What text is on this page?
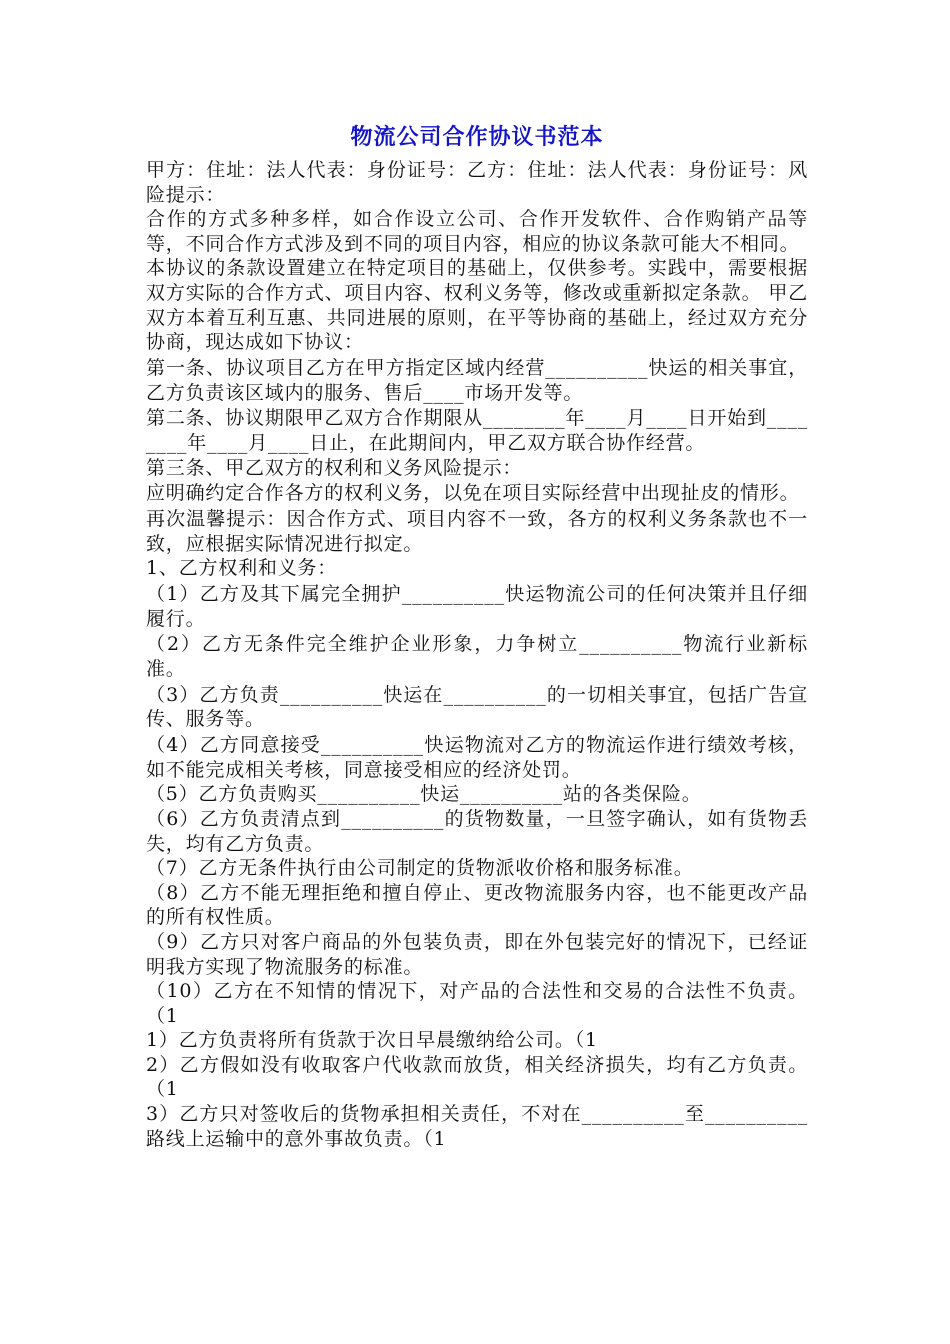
物流公司合作协议书范本

甲方：住址：法人代表：身份证号：乙方：住址：法人代表：身份证号：风险提示：

合作的方式多种多样，如合作设立公司、合作开发软件、合作购销产品等等，不同合作方式涉及到不同的项目内容，相应的协议条款可能大不相同。

本协议的条款设置建立在特定项目的基础上，仅供参考。实践中，需要根据双方实际的合作方式、项目内容、权利义务等，修改或重新拟定条款。 甲乙双方本着互利互惠、共同进展的原则，在平等协商的基础上，经过双方充分协商，现达成如下协议：

第一条、协议项目乙方在甲方指定区域内经营__________快运的相关事宜，乙方负责该区域内的服务、售后____市场开发等。

第二条、协议期限甲乙双方合作期限从________年____月____日开始到________年____月____日止，在此期间内，甲乙双方联合协作经营。

第三条、甲乙双方的权利和义务风险提示：

应明确约定合作各方的权利义务，以免在项目实际经营中出现扯皮的情形。

再次温馨提示：因合作方式、项目内容不一致，各方的权利义务条款也不一致，应根据实际情况进行拟定。

1、乙方权利和义务：

（1）乙方及其下属完全拥护__________快运物流公司的任何决策并且仔细履行。

（2）乙方无条件完全维护企业形象，力争树立__________物流行业新标准。

（3）乙方负责__________快运在__________的一切相关事宜，包括广告宣传、服务等。

（4）乙方同意接受__________快运物流对乙方的物流运作进行绩效考核，如不能完成相关考核，同意接受相应的经济处罚。

（5）乙方负责购买__________快运__________站的各类保险。

（6）乙方负责清点到__________的货物数量，一旦签字确认，如有货物丢失，均有乙方负责。

（7）乙方无条件执行由公司制定的货物派收价格和服务标准。

（8）乙方不能无理拒绝和擅自停止、更改物流服务内容，也不能更改产品的所有权性质。

（9）乙方只对客户商品的外包装负责，即在外包装完好的情况下，已经证明我方实现了物流服务的标准。

（10）乙方在不知情的情况下，对产品的合法性和交易的合法性不负责。（1

1）乙方负责将所有货款于次日早晨缴纳给公司。（1

2）乙方假如没有收取客户代收款而放货，相关经济损失，均有乙方负责。（1

3）乙方只对签收后的货物承担相关责任，不对在__________至__________路线上运输中的意外事故负责。（1
